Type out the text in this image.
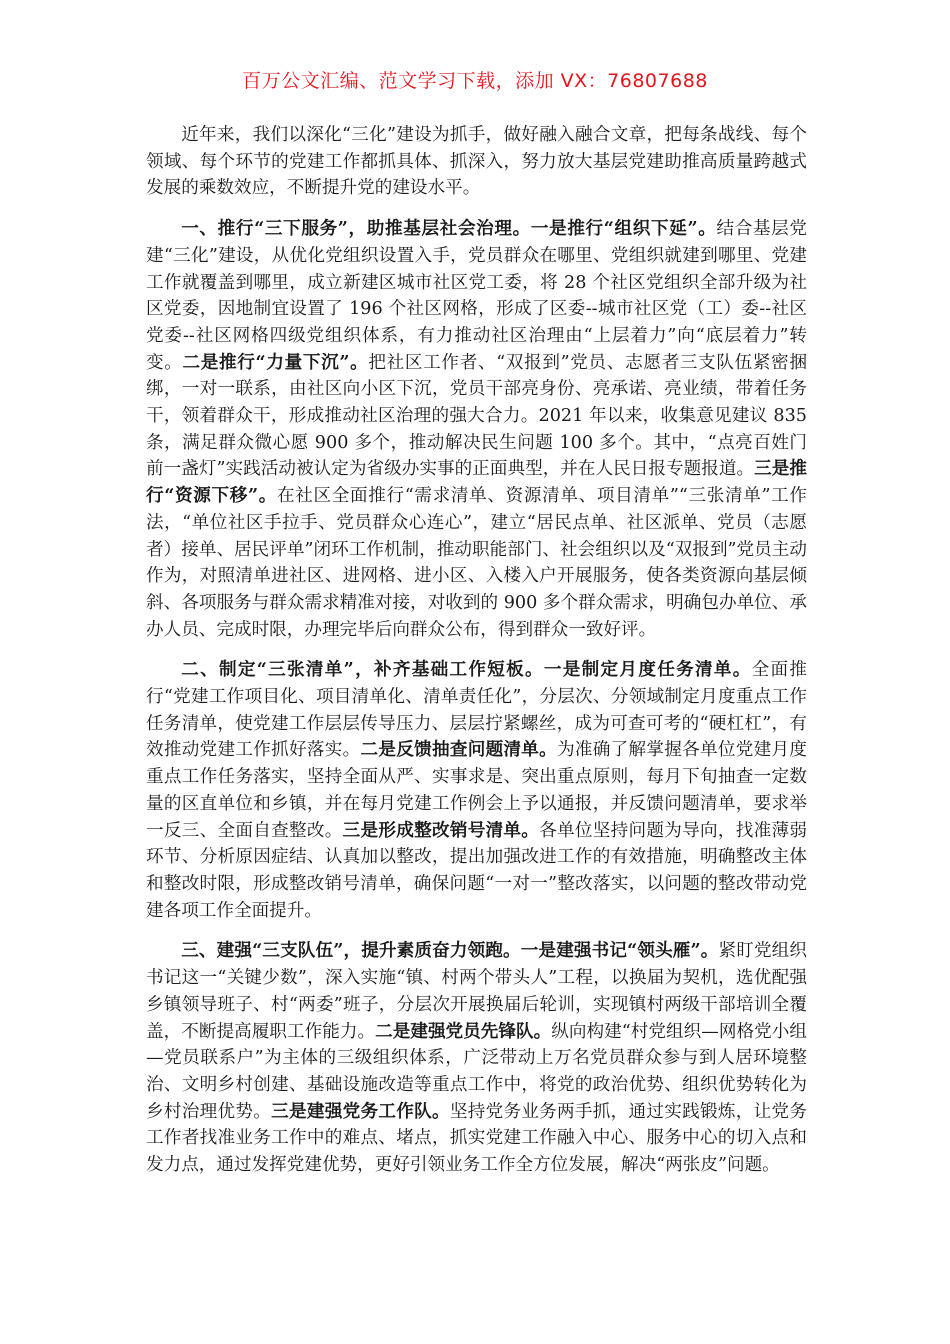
百万公文汇编、范文学习下载，添加 VX：76807688

近年来，我们以深化“三化”建设为抓手，做好融入融合文章，把每条战线、每个领域、每个环节的党建工作都抓具体、抓深入，努力放大基层党建助推高质量跨越式发展的乘数效应，不断提升党的建设水平。

一、推行“三下服务”，助推基层社会治理。一是推行“组织下延”。结合基层党建“三化”建设，从优化党组织设置入手，党员群众在哪里、党组织就建到哪里、党建工作就覆盖到哪里，成立新建区城市社区党工委，将 28 个社区党组织全部升级为社区党委，因地制宜设置了 196 个社区网格，形成了区委--城市社区党（工）委--社区党委--社区网格四级党组织体系，有力推动社区治理由“上层着力”向“底层着力”转变。二是推行“力量下沉”。把社区工作者、“双报到”党员、志愿者三支队伍紧密捆绑，一对一联系，由社区向小区下沉，党员干部亮身份、亮承诺、亮业绩，带着任务干，领着群众干，形成推动社区治理的强大合力。2021 年以来，收集意见建议 835 条，满足群众微心愿 900 多个，推动解决民生问题 100 多个。其中，“点亮百姓门前一盏灯”实践活动被认定为省级办实事的正面典型，并在人民日报专题报道。三是推行“资源下移”。在社区全面推行“需求清单、资源清单、项目清单”“三张清单”工作法，“单位社区手拉手、党员群众心连心”，建立“居民点单、社区派单、党员（志愿者）接单、居民评单”闭环工作机制，推动职能部门、社会组织以及“双报到”党员主动作为，对照清单进社区、进网格、进小区、入楼入户开展服务，使各类资源向基层倾斜、各项服务与群众需求精准对接，对收到的 900 多个群众需求，明确包办单位、承办人员、完成时限，办理完毕后向群众公布，得到群众一致好评。

二、制定“三张清单”，补齐基础工作短板。一是制定月度任务清单。全面推行“党建工作项目化、项目清单化、清单责任化”，分层次、分领域制定月度重点工作任务清单，使党建工作层层传导压力、层层拧紧螺丝，成为可查可考的“硬杠杠”，有效推动党建工作抓好落实。二是反馈抽查问题清单。为准确了解掌握各单位党建月度重点工作任务落实，坚持全面从严、实事求是、突出重点原则，每月下旬抽查一定数量的区直单位和乡镇，并在每月党建工作例会上予以通报，并反馈问题清单，要求举一反三、全面自查整改。三是形成整改销号清单。各单位坚持问题为导向，找准薄弱环节、分析原因症结、认真加以整改，提出加强改进工作的有效措施，明确整改主体和整改时限，形成整改销号清单，确保问题“一对一”整改落实，以问题的整改带动党建各项工作全面提升。

三、建强“三支队伍”，提升素质奋力领跑。一是建强书记“领头雁”。紧盯党组织书记这一“关键少数”，深入实施“镇、村两个带头人”工程，以换届为契机，选优配强乡镇领导班子、村“两委”班子，分层次开展换届后轮训，实现镇村两级干部培训全覆盖，不断提高履职工作能力。二是建强党员先锋队。纵向构建“村党组织—网格党小组—党员联系户”为主体的三级组织体系，广泛带动上万名党员群众参与到人居环境整治、文明乡村创建、基础设施改造等重点工作中，将党的政治优势、组织优势转化为乡村治理优势。三是建强党务工作队。坚持党务业务两手抓，通过实践锻炼，让党务工作者找准业务工作中的难点、堵点，抓实党建工作融入中心、服务中心的切入点和发力点，通过发挥党建优势，更好引领业务工作全方位发展，解决“两张皮”问题。
